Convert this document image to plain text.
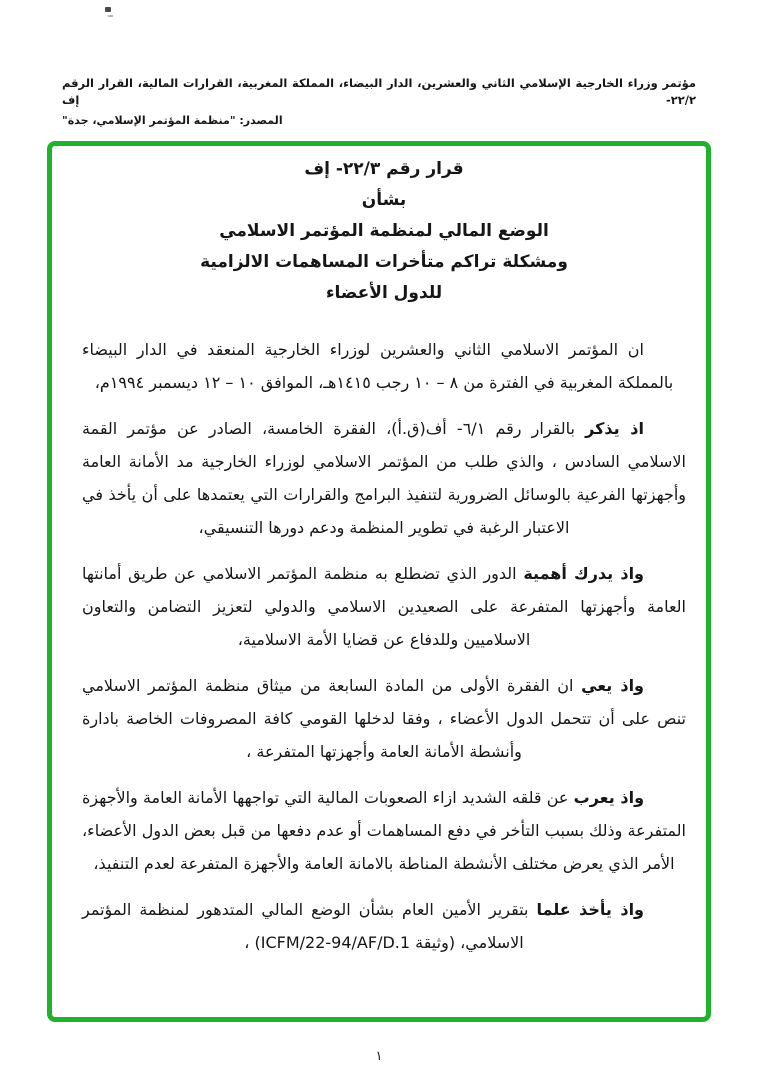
مؤتمر وزراء الخارجية الإسلامي الثاني والعشرين، الدار البيضاء، المملكة المغربية، القرارات المالية، القرار الرقم ٢٢/٢- إف
المصدر: "منظمة المؤتمر الإسلامي، جدة"
قرار رقم ٢٢/٣- إف
بشأن
الوضع المالي لمنظمة المؤتمر الاسلامي
ومشكلة تراكم متأخرات المساهمات الالزامية
للدول الأعضاء

ان المؤتمر الاسلامي الثاني والعشرين لوزراء الخارجية المنعقد في الدار البيضاء بالمملكة المغربية في الفترة من ٨ – ١٠ رجب ١٤١٥هـ، الموافق ١٠ – ١٢ ديسمبر ١٩٩٤م،

اذ يذكر بالقرار رقم ٦/١- أف(ق.أ)، الفقرة الخامسة، الصادر عن مؤتمر القمة الاسلامي السادس ، والذي طلب من المؤتمر الاسلامي لوزراء الخارجية مد الأمانة العامة وأجهزتها الفرعية بالوسائل الضرورية لتنفيذ البرامج والقرارات التي يعتمدها على أن يأخذ في الاعتبار الرغبة في تطوير المنظمة ودعم دورها التنسيقي،

واذ يدرك أهمية الدور الذي تضطلع به منظمة المؤتمر الاسلامي عن طريق أمانتها العامة وأجهزتها المتفرعة على الصعيدين الاسلامي والدولي لتعزيز التضامن والتعاون الاسلاميين وللدفاع عن قضايا الأمة الاسلامية،

واذ يعي ان الفقرة الأولى من المادة السابعة من ميثاق منظمة المؤتمر الاسلامي تنص على أن تتحمل الدول الأعضاء ، وفقا لدخلها القومي كافة المصروفات الخاصة بادارة وأنشطة الأمانة العامة وأجهزتها المتفرعة ،

واذ يعرب عن قلقه الشديد ازاء الصعوبات المالية التي تواجهها الأمانة العامة والأجهزة المتفرعة وذلك بسبب التأخر في دفع المساهمات أو عدم دفعها من قبل بعض الدول الأعضاء، الأمر الذي يعرض مختلف الأنشطة المناطة بالامانة العامة والأجهزة المتفرعة لعدم التنفيذ،

واذ يأخذ علما بتقرير الأمين العام بشأن الوضع المالي المتدهور لمنظمة المؤتمر الاسلامي، (وثيقة ICFM/22-94/AF/D.1) ،

١
